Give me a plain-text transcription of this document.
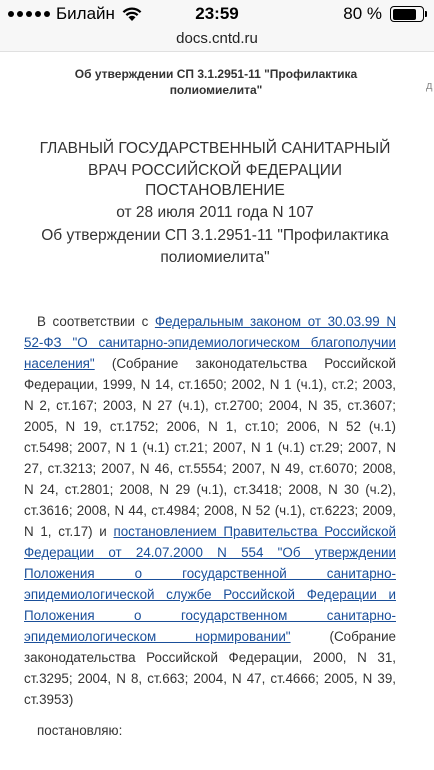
Билайн	23:59	80 %
docs.cntd.ru
д
Об утверждении СП 3.1.2951-11 "Профилактика полиомиелита"
ГЛАВНЫЙ ГОСУДАРСТВЕННЫЙ САНИТАРНЫЙ ВРАЧ РОССИЙСКОЙ ФЕДЕРАЦИИ
ПОСТАНОВЛЕНИЕ
от 28 июля 2011 года N 107
Об утверждении СП 3.1.2951-11 "Профилактика полиомиелита"
В соответствии с Федеральным законом от 30.03.99 N 52-ФЗ "О санитарно-эпидемиологическом благополучии населения" (Собрание законодательства Российской Федерации, 1999, N 14, ст.1650; 2002, N 1 (ч.1), ст.2; 2003, N 2, ст.167; 2003, N 27 (ч.1), ст.2700; 2004, N 35, ст.3607; 2005, N 19, ст.1752; 2006, N 1, ст.10; 2006, N 52 (ч.1) ст.5498; 2007, N 1 (ч.1) ст.21; 2007, N 1 (ч.1) ст.29; 2007, N 27, ст.3213; 2007, N 46, ст.5554; 2007, N 49, ст.6070; 2008, N 24, ст.2801; 2008, N 29 (ч.1), ст.3418; 2008, N 30 (ч.2), ст.3616; 2008, N 44, ст.4984; 2008, N 52 (ч.1), ст.6223; 2009, N 1, ст.17) и постановлением Правительства Российской Федерации от 24.07.2000 N 554 "Об утверждении Положения о государственной санитарно-эпидемиологической службе Российской Федерации и Положения о государственном санитарно-эпидемиологическом нормировании" (Собрание законодательства Российской Федерации, 2000, N 31, ст.3295; 2004, N 8, ст.663; 2004, N 47, ст.4666; 2005, N 39, ст.3953)
постановляю:
